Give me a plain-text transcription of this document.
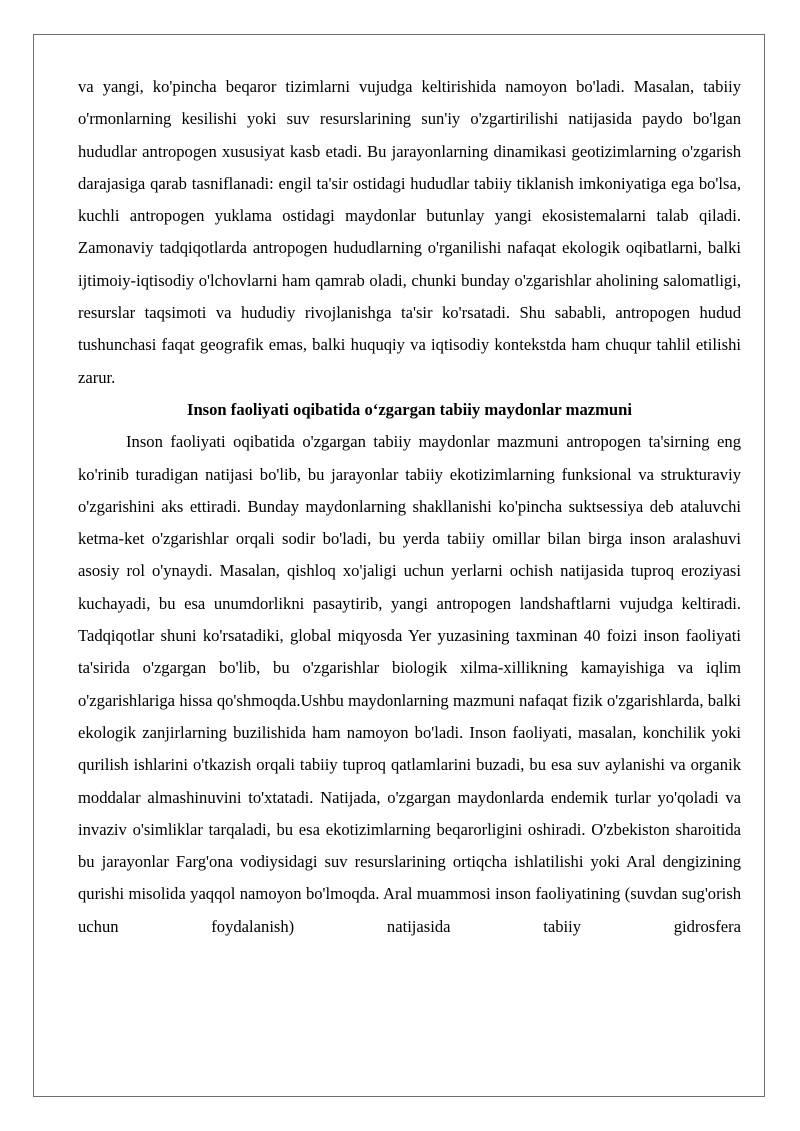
va yangi, ko'pincha beqaror tizimlarni vujudga keltirishida namoyon bo'ladi. Masalan, tabiiy o'rmonlarning kesilishi yoki suv resurslarining sun'iy o'zgartirilishi natijasida paydo bo'lgan hududlar antropogen xususiyat kasb etadi. Bu jarayonlarning dinamikasi geotizimlarning o'zgarish darajasiga qarab tasniflanadi: engil ta'sir ostidagi hududlar tabiiy tiklanish imkoniyatiga ega bo'lsa, kuchli antropogen yuklama ostidagi maydonlar butunlay yangi ekosistemalarni talab qiladi. Zamonaviy tadqiqotlarda antropogen hududlarning o'rganilishi nafaqat ekologik oqibatlarni, balki ijtimoiy-iqtisodiy o'lchovlarni ham qamrab oladi, chunki bunday o'zgarishlar aholining salomatligi, resurslar taqsimoti va hududiy rivojlanishga ta'sir ko'rsatadi. Shu sababli, antropogen hudud tushunchasi faqat geografik emas, balki huquqiy va iqtisodiy kontekstda ham chuqur tahlil etilishi zarur.

Inson faoliyati oqibatida o‘zgargan tabiiy maydonlar mazmuni

Inson faoliyati oqibatida o'zgargan tabiiy maydonlar mazmuni antropogen ta'sirning eng ko'rinib turadigan natijasi bo'lib, bu jarayonlar tabiiy ekotizimlarning funksional va strukturaviy o'zgarishini aks ettiradi. Bunday maydonlarning shakllanishi ko'pincha suktsessiya deb ataluvchi ketma-ket o'zgarishlar orqali sodir bo'ladi, bu yerda tabiiy omillar bilan birga inson aralashuvi asosiy rol o'ynaydi. Masalan, qishloq xo'jaligi uchun yerlarni ochish natijasida tuproq eroziyasi kuchayadi, bu esa unumdorlikni pasaytirib, yangi antropogen landshaftlarni vujudga keltiradi. Tadqiqotlar shuni ko'rsatadiki, global miqyosda Yer yuzasining taxminan 40 foizi inson faoliyati ta'sirida o'zgargan bo'lib, bu o'zgarishlar biologik xilma-xillikning kamayishiga va iqlim o'zgarishlariga hissa qo'shmoqda.Ushbu maydonlarning mazmuni nafaqat fizik o'zgarishlarda, balki ekologik zanjirlarning buzilishida ham namoyon bo'ladi. Inson faoliyati, masalan, konchilik yoki qurilish ishlarini o'tkazish orqali tabiiy tuproq qatlamlarini buzadi, bu esa suv aylanishi va organik moddalar almashinuvini to'xtatadi. Natijada, o'zgargan maydonlarda endemik turlar yo'qoladi va invaziv o'simliklar tarqaladi, bu esa ekotizimlarning beqarorligini oshiradi. O'zbekiston sharoitida bu jarayonlar Farg'ona vodiysidagi suv resurslarining ortiqcha ishlatilishi yoki Aral dengizining qurishi misolida yaqqol namoyon bo'lmoqda. Aral muammosi inson faoliyatining (suvdan sug'orish uchun foydalanish) natijasida tabiiy gidrosfera
